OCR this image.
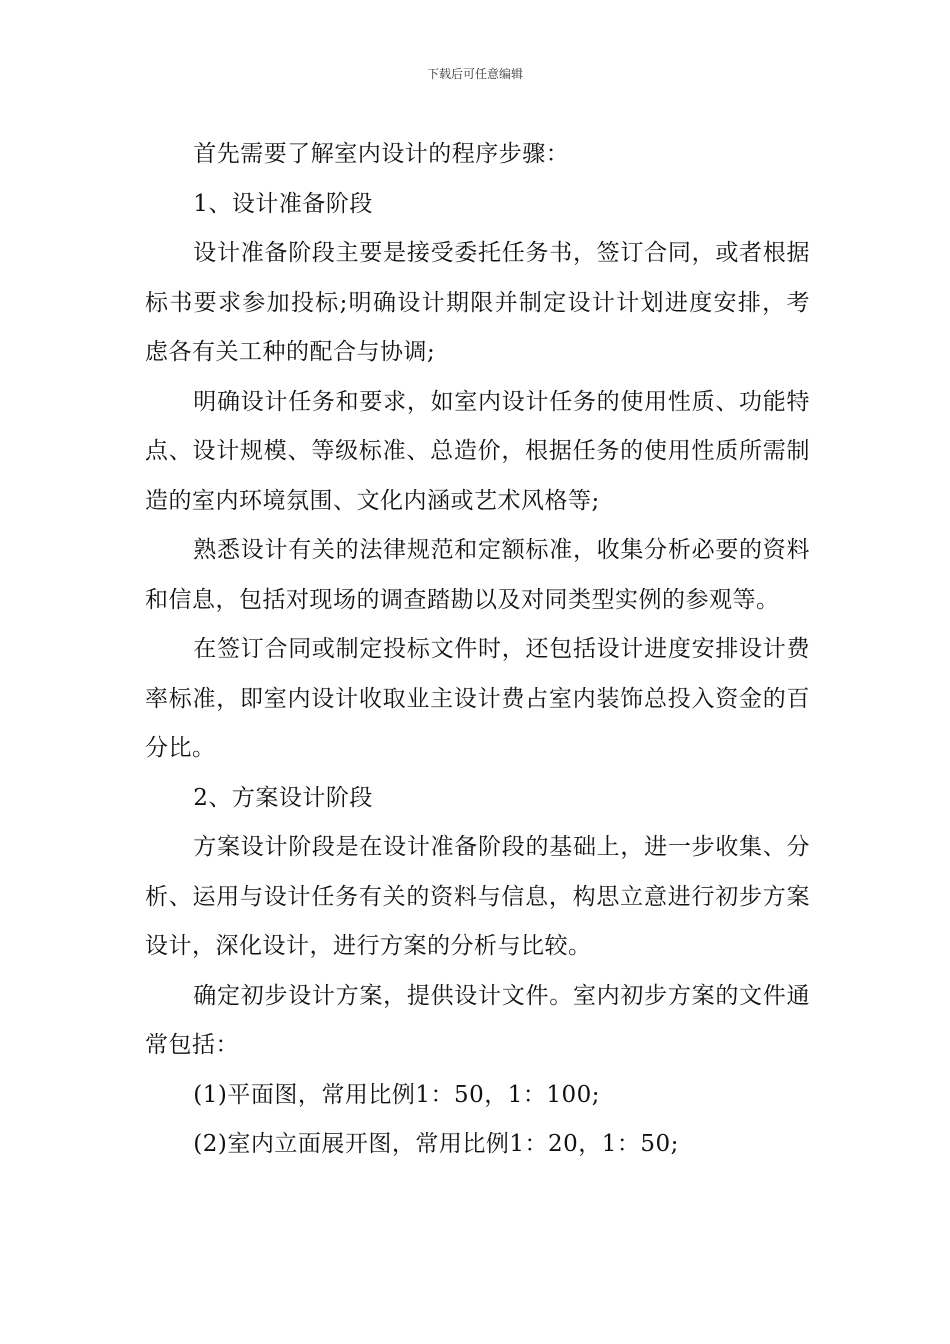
下载后可任意编辑

首先需要了解室内设计的程序步骤：

1、设计准备阶段

设计准备阶段主要是接受委托任务书，签订合同，或者根据标书要求参加投标;明确设计期限并制定设计计划进度安排，考虑各有关工种的配合与协调;

明确设计任务和要求，如室内设计任务的使用性质、功能特点、设计规模、等级标准、总造价，根据任务的使用性质所需制造的室内环境氛围、文化内涵或艺术风格等;

熟悉设计有关的法律规范和定额标准，收集分析必要的资料和信息，包括对现场的调查踏勘以及对同类型实例的参观等。

在签订合同或制定投标文件时，还包括设计进度安排设计费率标准，即室内设计收取业主设计费占室内装饰总投入资金的百分比。

2、方案设计阶段

方案设计阶段是在设计准备阶段的基础上，进一步收集、分析、运用与设计任务有关的资料与信息，构思立意进行初步方案设计，深化设计，进行方案的分析与比较。

确定初步设计方案，提供设计文件。室内初步方案的文件通常包括：

(1)平面图，常用比例1：50，1：100;

(2)室内立面展开图，常用比例1：20，1：50;
